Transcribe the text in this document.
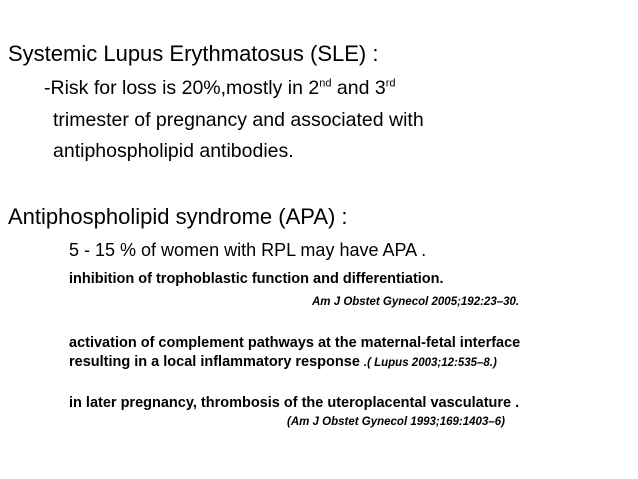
Systemic Lupus Erythmatosus (SLE) :
-Risk for loss is 20%,mostly in 2nd and 3rd
trimester of pregnancy and associated with
antiphospholipid antibodies.
Antiphospholipid syndrome (APA) :
5 - 15 % of women with RPL may have APA .
inhibition of trophoblastic function and differentiation.
Am J Obstet Gynecol 2005;192:23–30.
activation of complement pathways at the maternal-fetal interface
resulting in a local inflammatory response .( Lupus 2003;12:535–8.)
in later pregnancy, thrombosis of the uteroplacental vasculature .
(Am J Obstet Gynecol 1993;169:1403–6)
